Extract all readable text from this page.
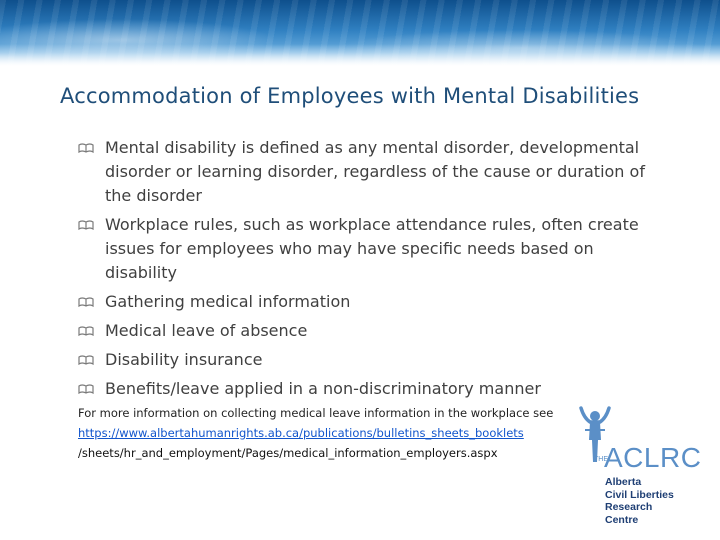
Accommodation of Employees with Mental Disabilities
Mental disability is defined as any mental disorder, developmental disorder or learning disorder, regardless of the cause or duration of the disorder
Workplace rules, such as workplace attendance rules, often create issues for employees who may have specific needs based on disability
Gathering medical information
Medical leave of absence
Disability insurance
Benefits/leave applied in a non-discriminatory manner
For more information on collecting medical leave information in the workplace see
https://www.albertahumanrights.ab.ca/publications/bulletins_sheets_booklets
/sheets/hr_and_employment/Pages/medical_information_employers.aspx	THE
ACLRC
Alberta
Civil Liberties
Research
Centre
